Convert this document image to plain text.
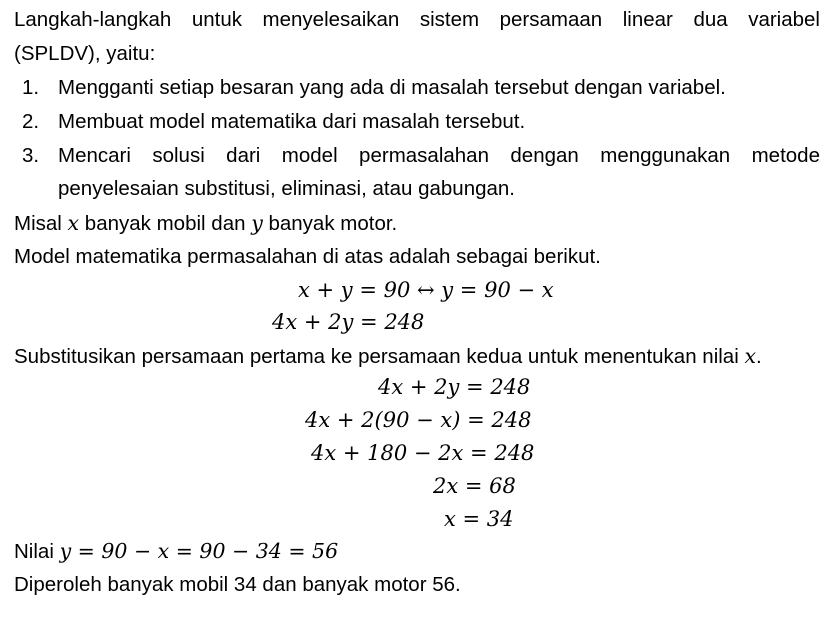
Langkah-langkah untuk menyelesaikan sistem persamaan linear dua variabel
(SPLDV), yaitu:
1. Mengganti setiap besaran yang ada di masalah tersebut dengan variabel.
2. Membuat model matematika dari masalah tersebut.
3. Mencari solusi dari model permasalahan dengan menggunakan metode
penyelesaian substitusi, eliminasi, atau gabungan.
Misal x banyak mobil dan y banyak motor.
Model matematika permasalahan di atas adalah sebagai berikut.
x + y = 90 ↔ y = 90 − x
4x + 2y = 248
Substitusikan persamaan pertama ke persamaan kedua untuk menentukan nilai x.
4x + 2y = 248
4x + 2(90 − x) = 248
4x + 180 − 2x = 248
2x = 68
x = 34
Nilai y = 90 − x = 90 − 34 = 56
Diperoleh banyak mobil 34 dan banyak motor 56.
